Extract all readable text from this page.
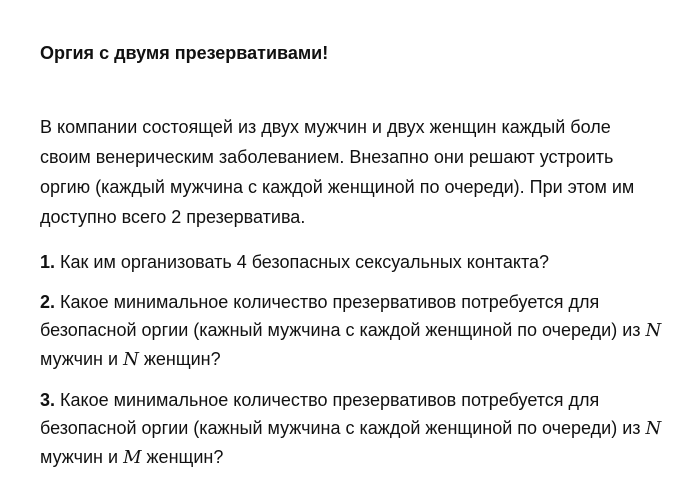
Оргия с двумя презервативами!
В компании состоящей из двух мужчин и двух женщин каждый боле своим венерическим заболеванием. Внезапно они решают устроить оргию (каждый мужчина с каждой женщиной по очереди). При этом им доступно всего 2 презерватива.
1. Как им организовать 4 безопасных сексуальных контакта?
2. Какое минимальное количество презервативов потребуется для безопасной оргии (кажный мужчина с каждой женщиной по очереди) из N мужчин и N женщин?
3. Какое минимальное количество презервативов потребуется для безопасной оргии (кажный мужчина с каждой женщиной по очереди) из N мужчин и M женщин?
